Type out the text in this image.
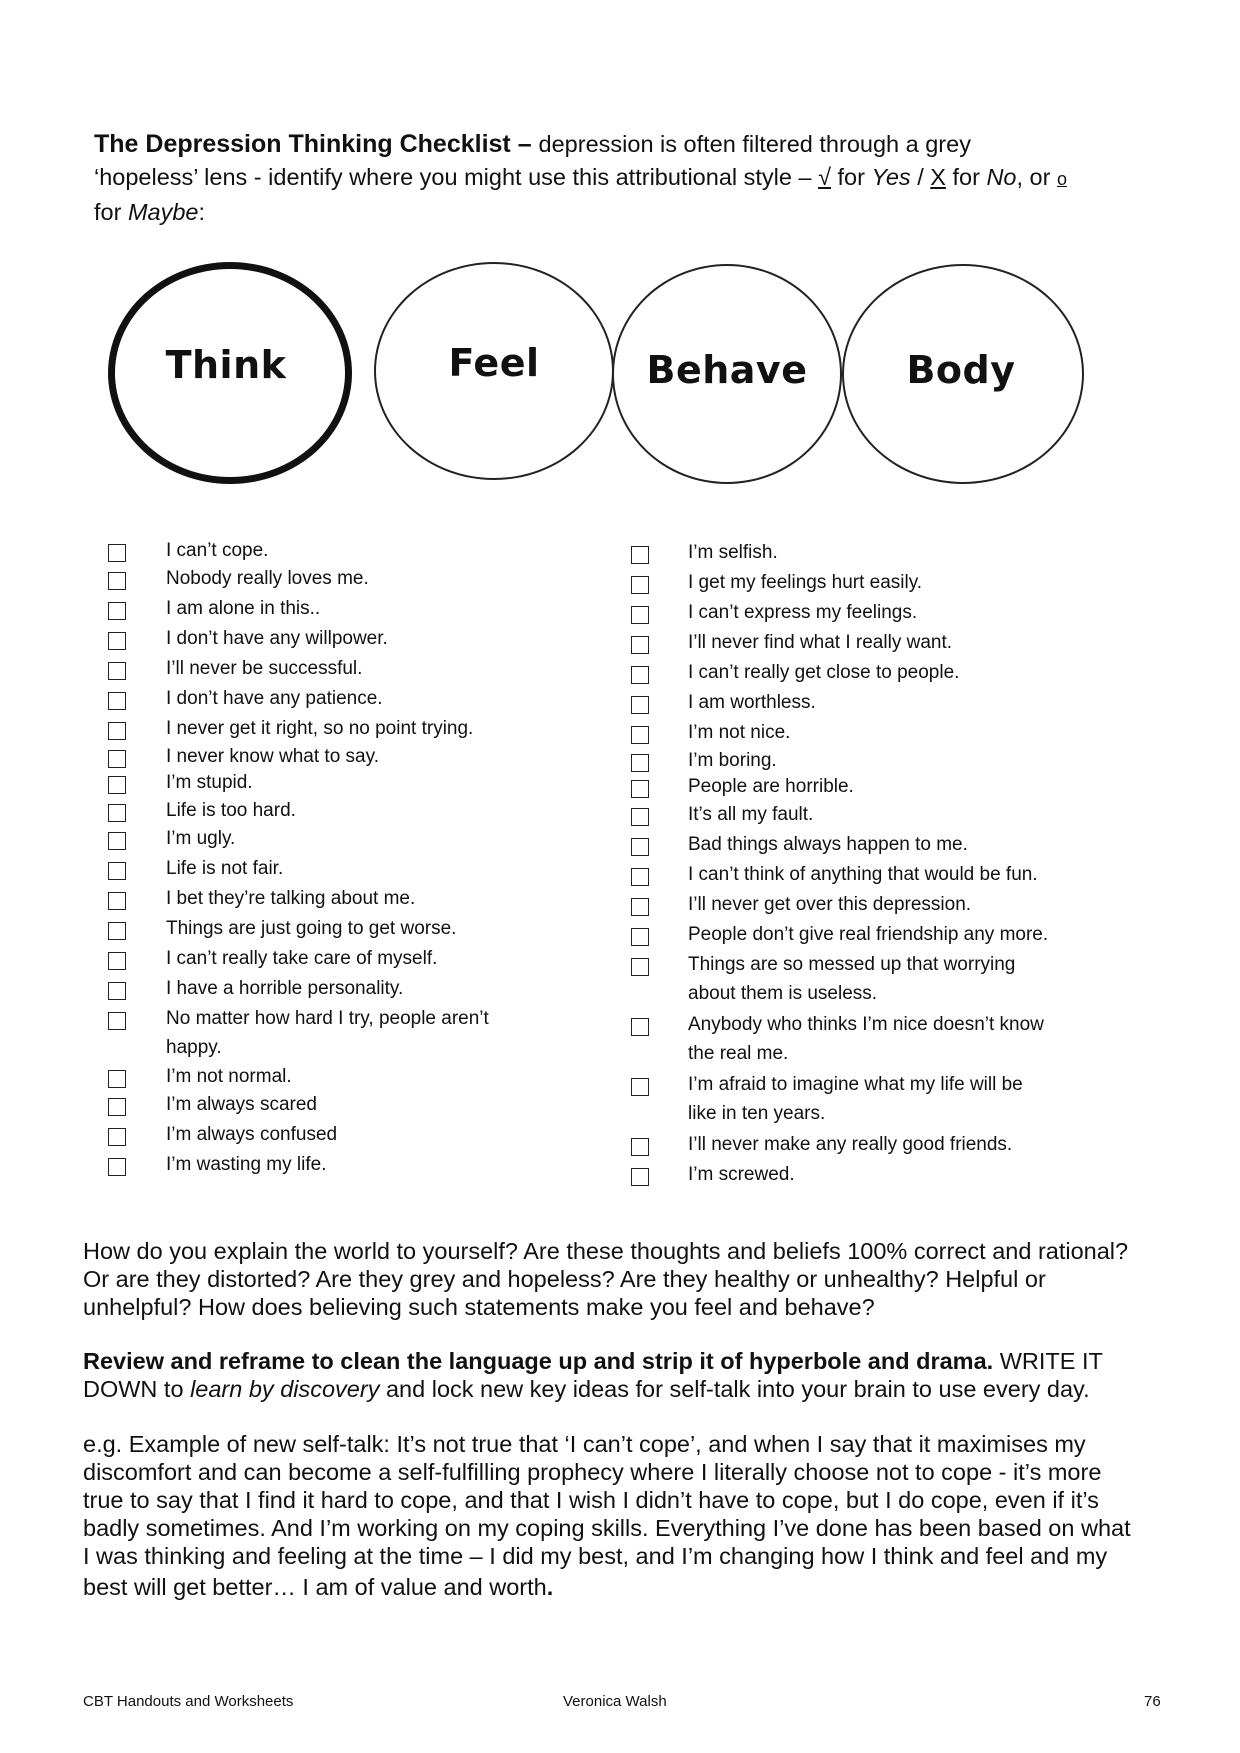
The Depression Thinking Checklist – depression is often filtered through a grey
‘hopeless’ lens - identify where you might use this attributional style – √ for Yes / X for No, or o
for Maybe:
Think	Feel	Behave	Body
I can’t cope.
Nobody really loves me.
I am alone in this..
I don’t have any willpower.
I’ll never be successful.
I don’t have any patience.
I never get it right, so no point trying.
I never know what to say.
I’m stupid.
Life is too hard.
I’m ugly.
Life is not fair.
I bet they’re talking about me.
Things are just going to get worse.
I can’t really take care of myself.
I have a horrible personality.
No matter how hard I try, people aren’t
happy.
I’m not normal.
I’m always scared
I’m always confused
I’m wasting my life.
I’m selfish.
I get my feelings hurt easily.
I can’t express my feelings.
I’ll never find what I really want.
I can’t really get close to people.
I am worthless.
I’m not nice.
I’m boring.
People are horrible.
It’s all my fault.
Bad things always happen to me.
I can’t think of anything that would be fun.
I’ll never get over this depression.
People don’t give real friendship any more.
Things are so messed up that worrying
about them is useless.
Anybody who thinks I’m nice doesn’t know
the real me.
I’m afraid to imagine what my life will be
like in ten years.
I’ll never make any really good friends.
I’m screwed.
How do you explain the world to yourself? Are these thoughts and beliefs 100% correct and rational?
Or are they distorted? Are they grey and hopeless? Are they healthy or unhealthy? Helpful or
unhelpful? How does believing such statements make you feel and behave?
Review and reframe to clean the language up and strip it of hyperbole and drama. WRITE IT
DOWN to learn by discovery and lock new key ideas for self-talk into your brain to use every day.
e.g. Example of new self-talk: It’s not true that ‘I can’t cope’, and when I say that it maximises my
discomfort and can become a self-fulfilling prophecy where I literally choose not to cope - it’s more
true to say that I find it hard to cope, and that I wish I didn’t have to cope, but I do cope, even if it’s
badly sometimes. And I’m working on my coping skills. Everything I’ve done has been based on what
I was thinking and feeling at the time – I did my best, and I’m changing how I think and feel and my
best will get better… I am of value and worth.
CBT Handouts and Worksheets	Veronica Walsh	76
